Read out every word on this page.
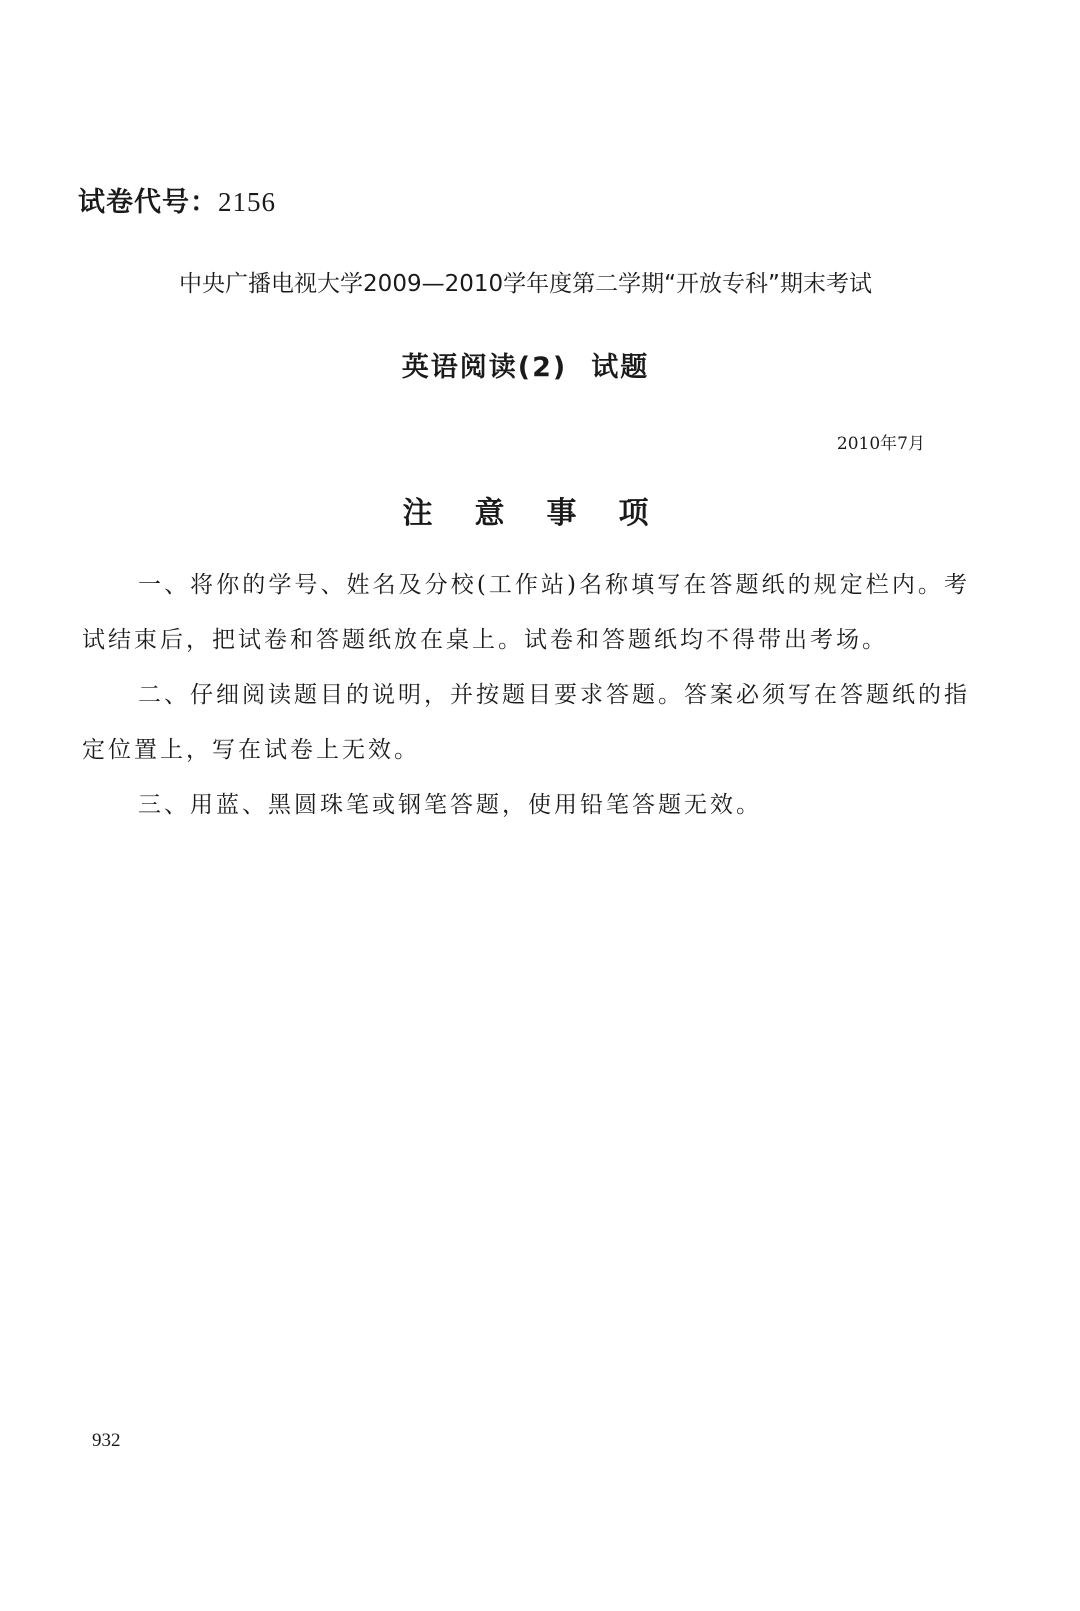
试卷代号：2156
中央广播电视大学2009—2010学年度第二学期“开放专科”期末考试
英语阅读(2) 试题
2010年7月
注意事项

一、将你的学号、姓名及分校(工作站)名称填写在答题纸的规定栏内。考试结束后，把试卷和答题纸放在桌上。试卷和答题纸均不得带出考场。

二、仔细阅读题目的说明，并按题目要求答题。答案必须写在答题纸的指定位置上，写在试卷上无效。

三、用蓝、黑圆珠笔或钢笔答题，使用铅笔答题无效。

932
